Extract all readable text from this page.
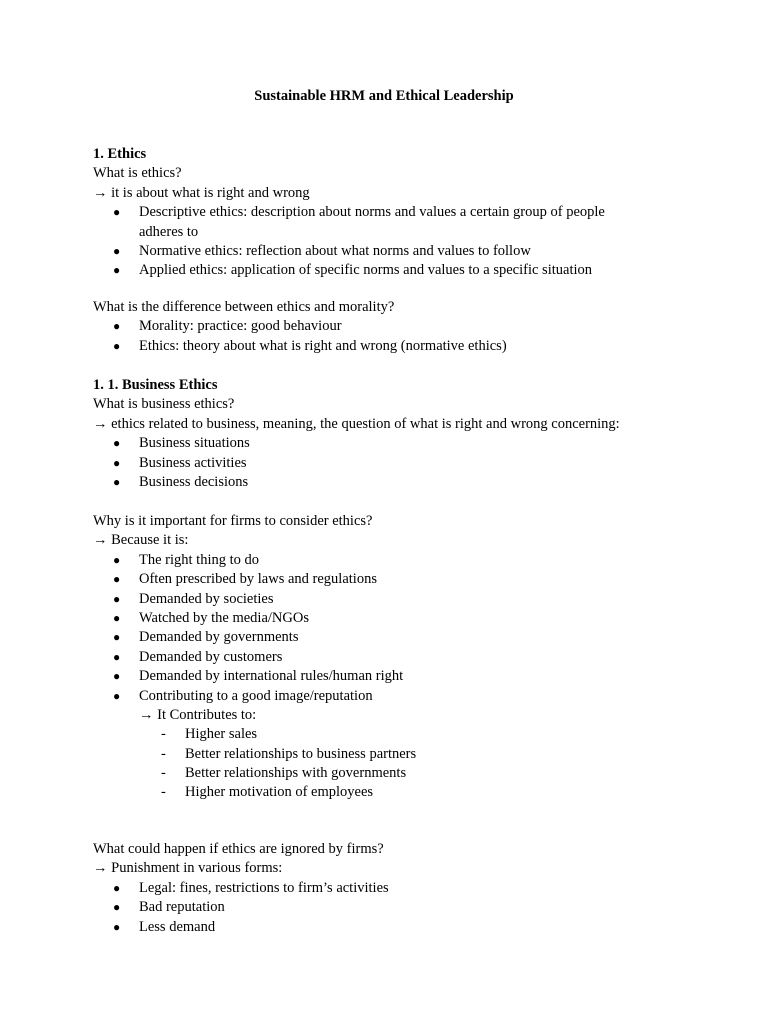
Sustainable HRM and Ethical Leadership
1. Ethics
What is ethics?
→ it is about what is right and wrong
● Descriptive ethics: description about norms and values a certain group of people
adheres to
● Normative ethics: reflection about what norms and values to follow
● Applied ethics: application of specific norms and values to a specific situation
What is the difference between ethics and morality?
● Morality: practice: good behaviour
● Ethics: theory about what is right and wrong (normative ethics)
1. 1. Business Ethics
What is business ethics?
→ ethics related to business, meaning, the question of what is right and wrong concerning:
● Business situations
● Business activities
● Business decisions
Why is it important for firms to consider ethics?
→ Because it is:
● The right thing to do
● Often prescribed by laws and regulations
● Demanded by societies
● Watched by the media/NGOs
● Demanded by governments
● Demanded by customers
● Demanded by international rules/human right
● Contributing to a good image/reputation
→ It Contributes to:
- Higher sales
- Better relationships to business partners
- Better relationships with governments
- Higher motivation of employees
What could happen if ethics are ignored by firms?
→ Punishment in various forms:
● Legal: fines, restrictions to firm’s activities
● Bad reputation
● Less demand
